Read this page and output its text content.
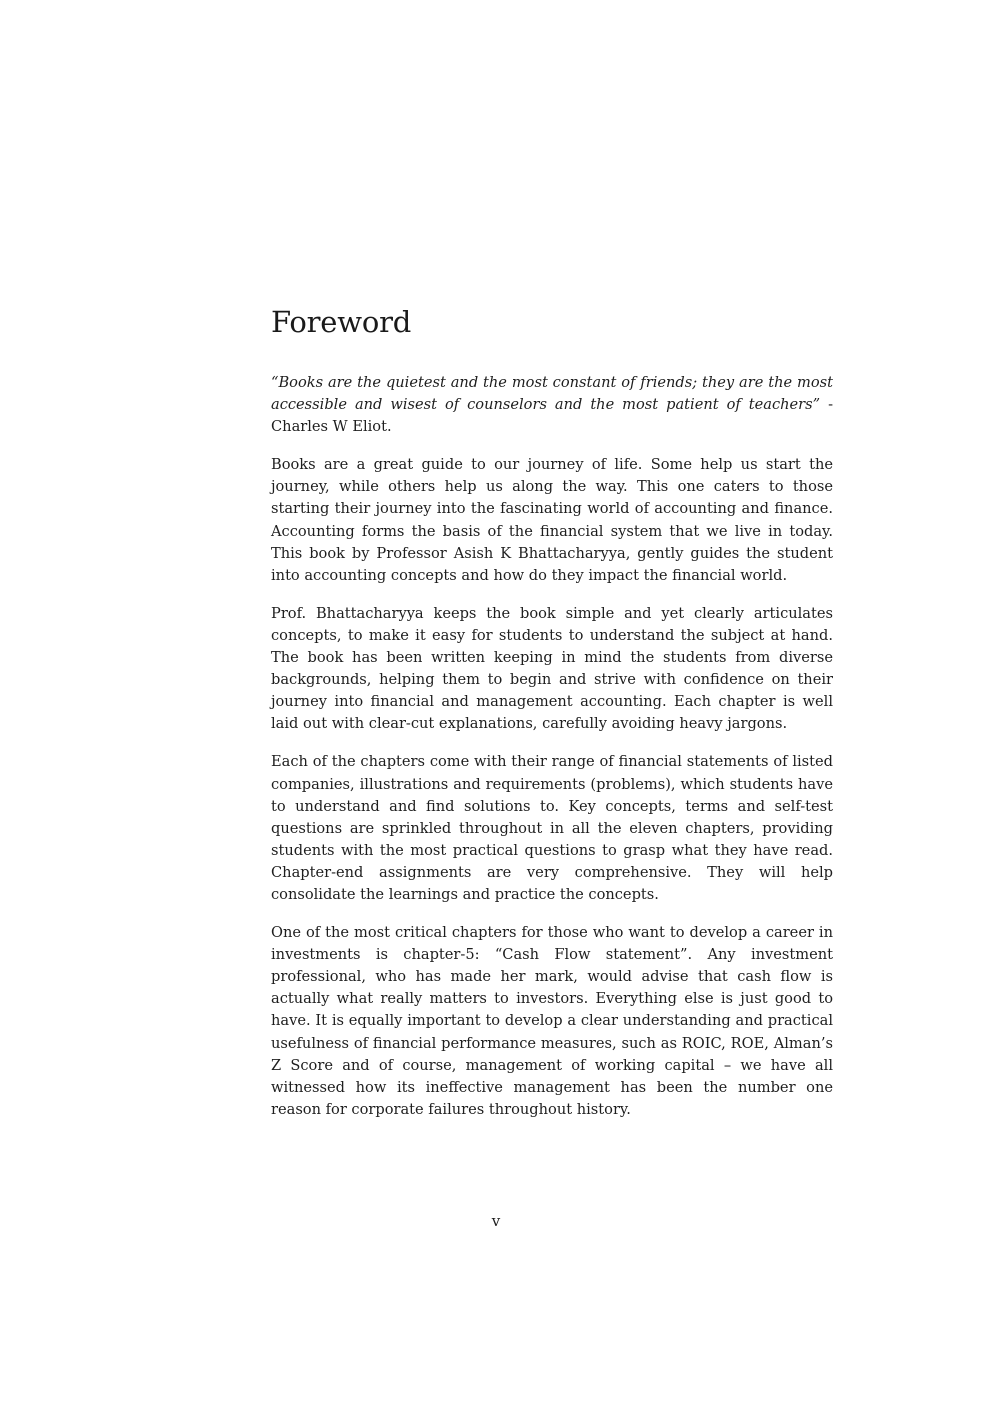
Foreword

“Books are the quietest and the most constant of friends; they are the most accessible and wisest of counselors and the most patient of teachers” -Charles W Eliot.

Books are a great guide to our journey of life. Some help us start the journey, while others help us along the way. This one caters to those starting their journey into the fascinating world of accounting and finance. Accounting forms the basis of the financial system that we live in today. This book by Professor Asish K Bhattacharyya, gently guides the student into accounting concepts and how do they impact the financial world.

Prof. Bhattacharyya keeps the book simple and yet clearly articulates concepts, to make it easy for students to understand the subject at hand. The book has been written keeping in mind the students from diverse backgrounds, helping them to begin and strive with confidence on their journey into financial and management accounting. Each chapter is well laid out with clear-cut explanations, carefully avoiding heavy jargons.

Each of the chapters come with their range of financial statements of listed companies, illustrations and requirements (problems), which students have to understand and find solutions to. Key concepts, terms and self-test questions are sprinkled throughout in all the eleven chapters, providing students with the most practical questions to grasp what they have read. Chapter-end assignments are very comprehensive. They will help consolidate the learnings and practice the concepts.

One of the most critical chapters for those who want to develop a career in investments is chapter-5: “Cash Flow statement”. Any investment professional, who has made her mark, would advise that cash flow is actually what really matters to investors. Everything else is just good to have. It is equally important to develop a clear understanding and practical usefulness of financial performance measures, such as ROIC, ROE, Alman’s Z Score and of course, management of working capital – we have all witnessed how its ineffective management has been the number one reason for corporate failures throughout history.

v
